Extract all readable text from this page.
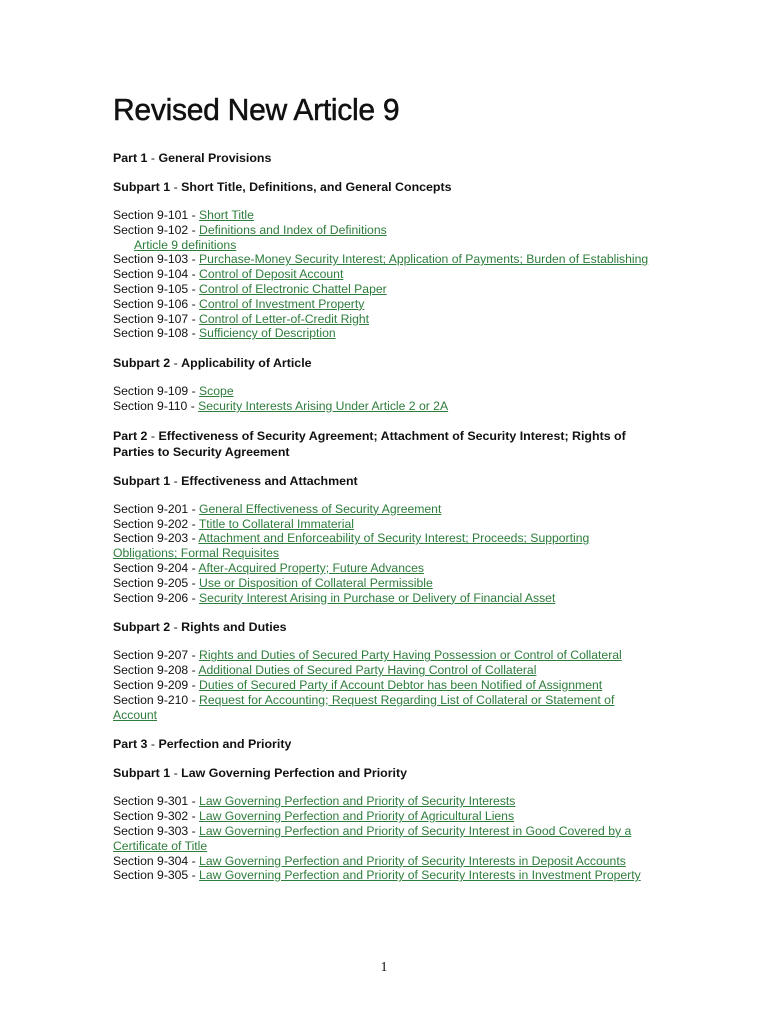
Revised New Article 9
Part 1 - General Provisions
Subpart 1 - Short Title, Definitions, and General Concepts
Section 9-101 - Short Title
Section 9-102 - Definitions and Index of Definitions
Article 9 definitions
Section 9-103 - Purchase-Money Security Interest; Application of Payments; Burden of Establishing
Section 9-104 - Control of Deposit Account
Section 9-105 - Control of Electronic Chattel Paper
Section 9-106 - Control of Investment Property
Section 9-107 - Control of Letter-of-Credit Right
Section 9-108 - Sufficiency of Description
Subpart 2 - Applicability of Article
Section 9-109 - Scope
Section 9-110 - Security Interests Arising Under Article 2 or 2A
Part 2 - Effectiveness of Security Agreement; Attachment of Security Interest; Rights of Parties to Security Agreement
Subpart 1 - Effectiveness and Attachment
Section 9-201 - General Effectiveness of Security Agreement
Section 9-202 - Ttitle to Collateral Immaterial
Section 9-203 - Attachment and Enforceability of Security Interest; Proceeds; Supporting Obligations; Formal Requisites
Section 9-204 - After-Acquired Property; Future Advances
Section 9-205 - Use or Disposition of Collateral Permissible
Section 9-206 - Security Interest Arising in Purchase or Delivery of Financial Asset
Subpart 2 - Rights and Duties
Section 9-207 - Rights and Duties of Secured Party Having Possession or Control of Collateral
Section 9-208 - Additional Duties of Secured Party Having Control of Collateral
Section 9-209 - Duties of Secured Party if Account Debtor has been Notified of Assignment
Section 9-210 - Request for Accounting; Request Regarding List of Collateral or Statement of Account
Part 3 - Perfection and Priority
Subpart 1 - Law Governing Perfection and Priority
Section 9-301 - Law Governing Perfection and Priority of Security Interests
Section 9-302 - Law Governing Perfection and Priority of Agricultural Liens
Section 9-303 - Law Governing Perfection and Priority of Security Interest in Good Covered by a Certificate of Title
Section 9-304 - Law Governing Perfection and Priority of Security Interests in Deposit Accounts
Section 9-305 - Law Governing Perfection and Priority of Security Interests in Investment Property
1
